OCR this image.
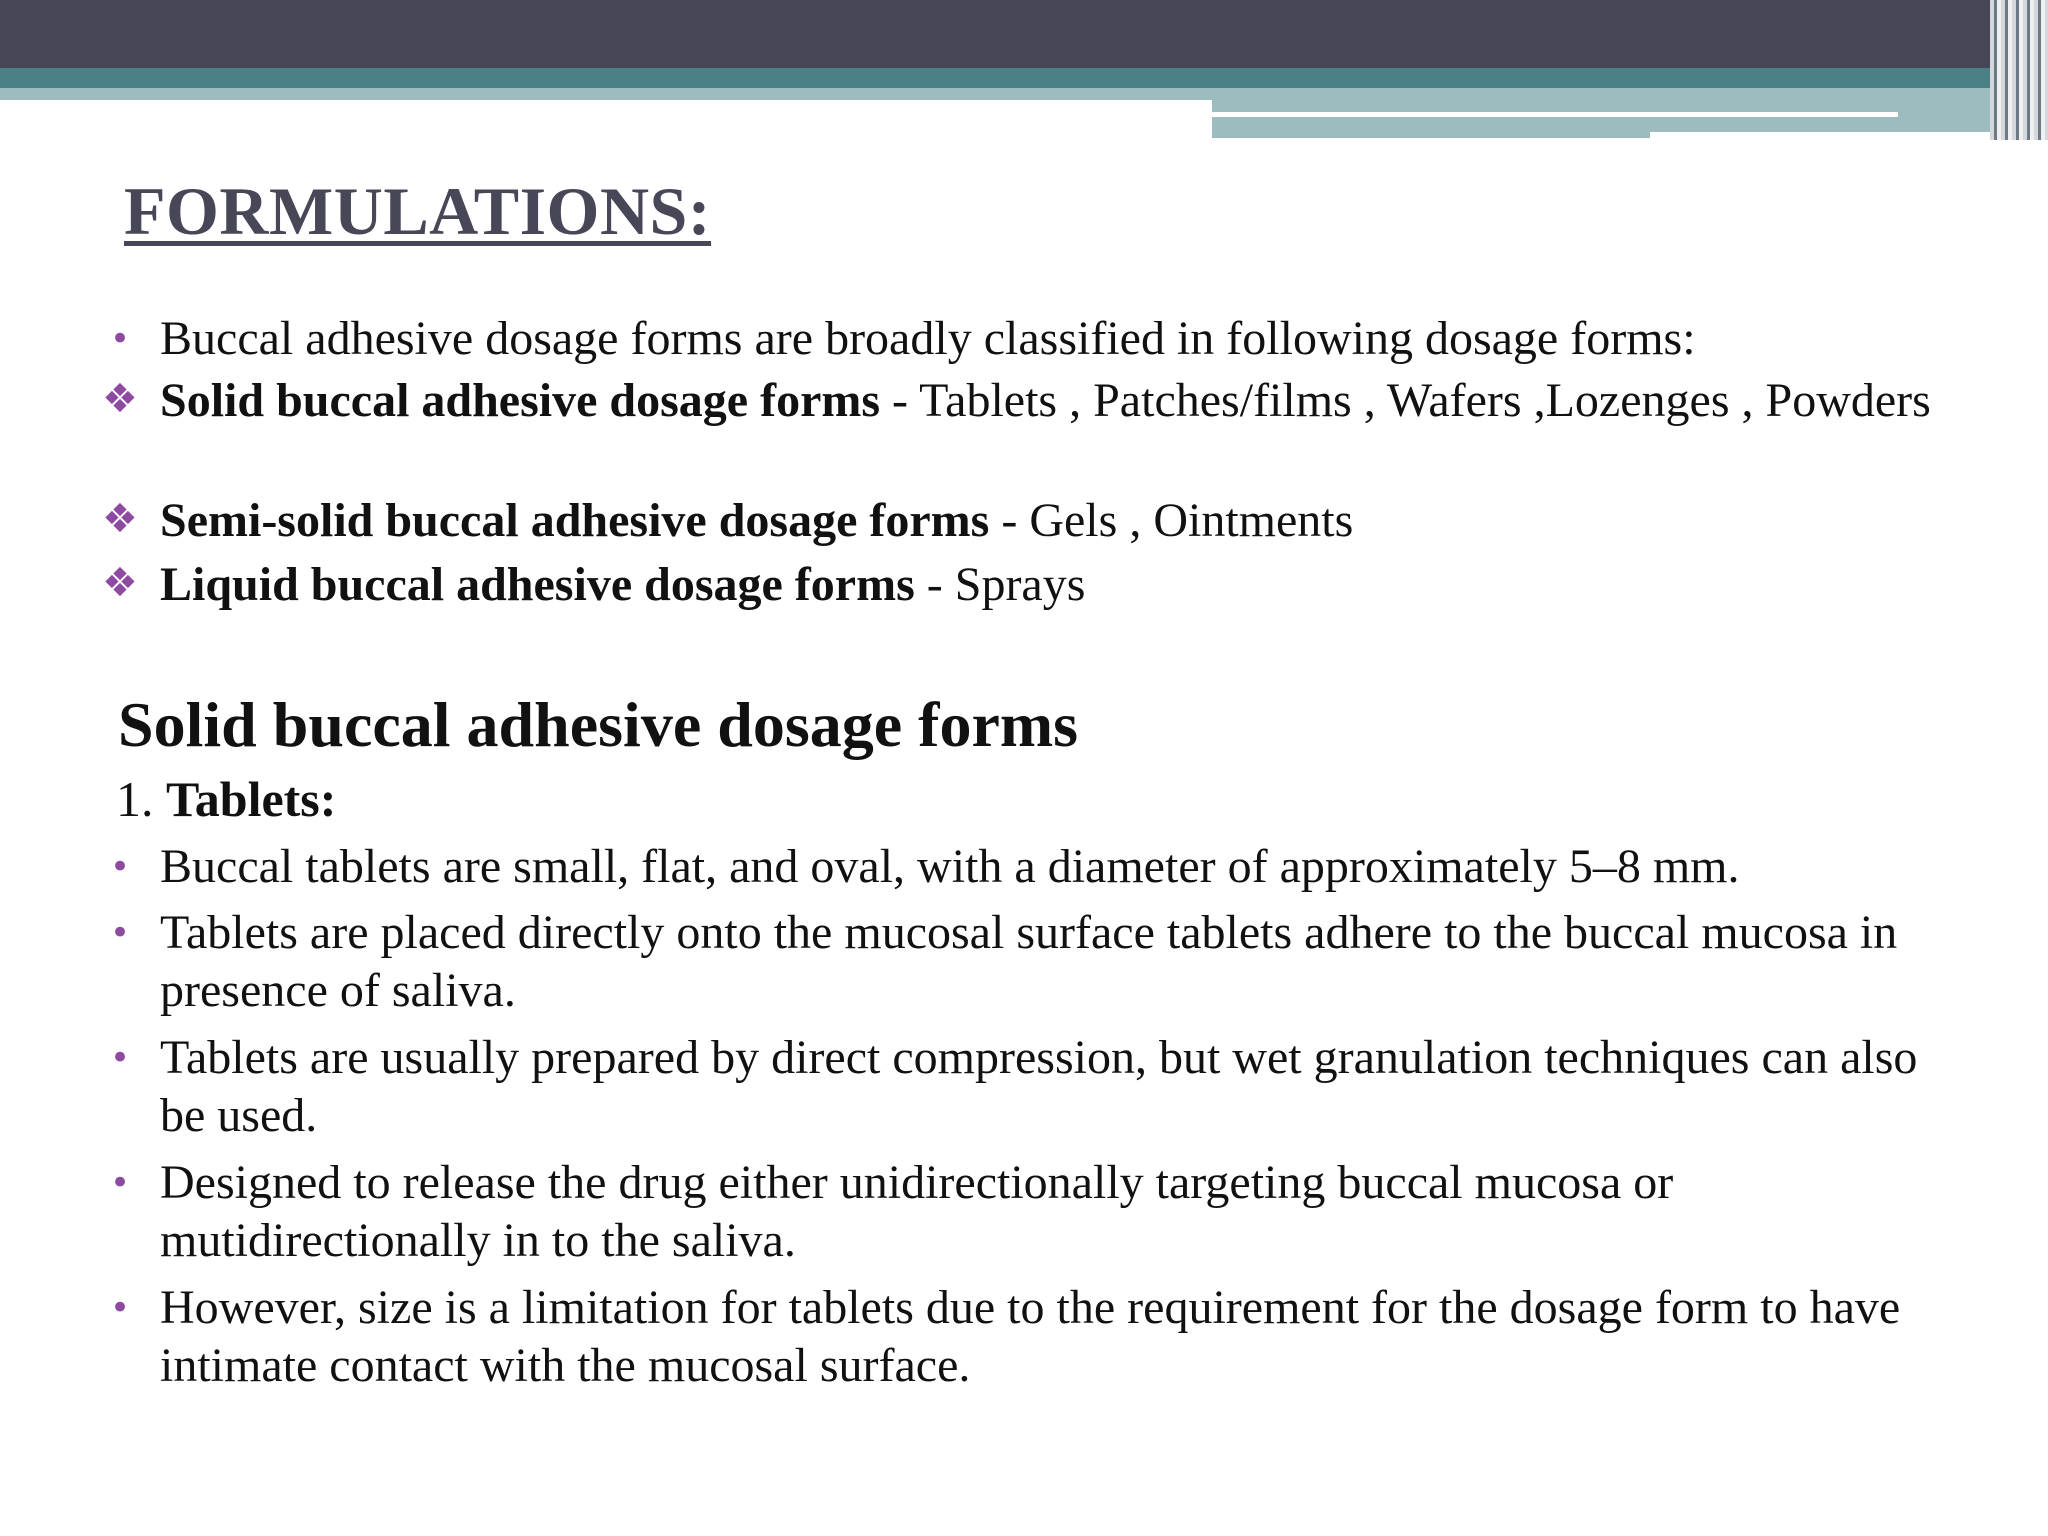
FORMULATIONS:
• Buccal adhesive dosage forms are broadly classified in following dosage forms:
❖ Solid buccal adhesive dosage forms - Tablets , Patches/films , Wafers ,Lozenges , Powders
❖ Semi-solid buccal adhesive dosage forms - Gels , Ointments
❖ Liquid buccal adhesive dosage forms - Sprays
Solid buccal adhesive dosage forms
1. Tablets:
• Buccal tablets are small, flat, and oval, with a diameter of approximately 5–8 mm.
• Tablets are placed directly onto the mucosal surface tablets adhere to the buccal mucosa in presence of saliva.
• Tablets are usually prepared by direct compression, but wet granulation techniques can also be used.
• Designed to release the drug either unidirectionally targeting buccal mucosa or mutidirectionally in to the saliva.
• However, size is a limitation for tablets due to the requirement for the dosage form to have intimate contact with the mucosal surface.
